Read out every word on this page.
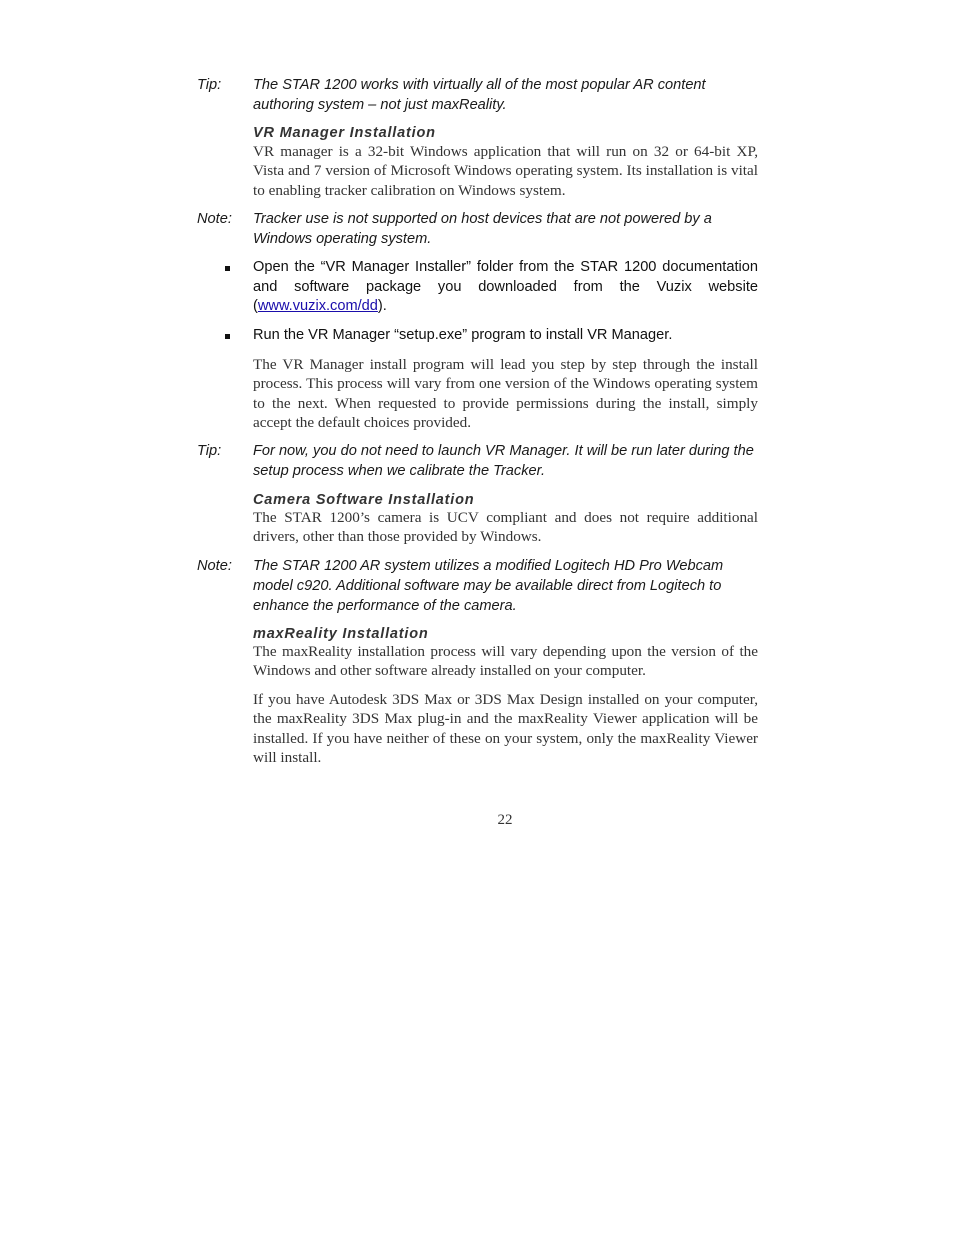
Tip:	The STAR 1200 works with virtually all of the most popular AR content authoring system – not just maxReality.
VR Manager Installation
VR manager is a 32-bit Windows application that will run on 32 or 64-bit XP, Vista and 7 version of Microsoft Windows operating system. Its installation is vital to enabling tracker calibration on Windows system.
Note:	Tracker use is not supported on host devices that are not powered by a Windows operating system.
Open the “VR Manager Installer” folder from the STAR 1200 documentation and software package you downloaded from the Vuzix website (www.vuzix.com/dd).
Run the VR Manager “setup.exe” program to install VR Manager.
The VR Manager install program will lead you step by step through the install process. This process will vary from one version of the Windows operating system to the next. When requested to provide permissions during the install, simply accept the default choices provided.
Tip:	For now, you do not need to launch VR Manager. It will be run later during the setup process when we calibrate the Tracker.
Camera Software Installation
The STAR 1200’s camera is UCV compliant and does not require additional drivers, other than those provided by Windows.
Note:	The STAR 1200 AR system utilizes a modified Logitech HD Pro Webcam model c920. Additional software may be available direct from Logitech to enhance the performance of the camera.
maxReality Installation
The maxReality installation process will vary depending upon the version of the Windows and other software already installed on your computer.
If you have Autodesk 3DS Max or 3DS Max Design installed on your computer, the maxReality 3DS Max plug-in and the maxReality Viewer application will be installed. If you have neither of these on your system, only the maxReality Viewer will install.
22
